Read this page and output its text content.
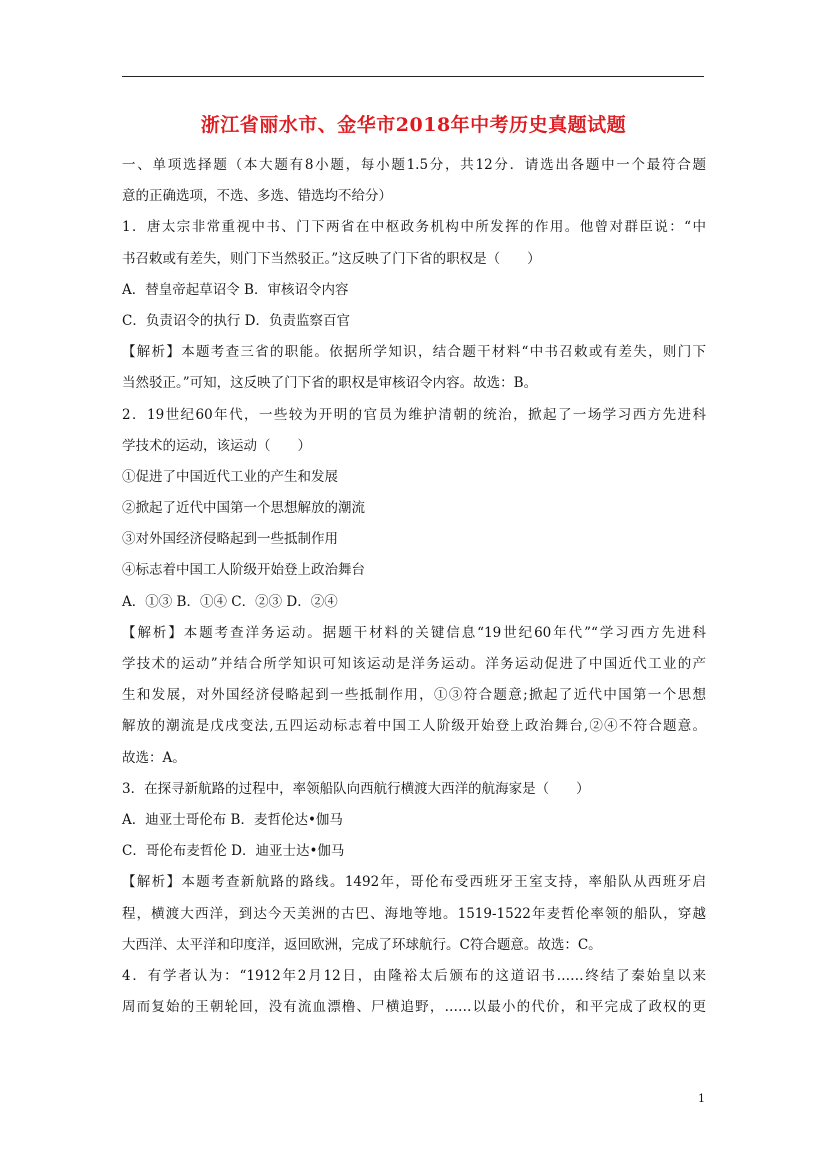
浙江省丽水市、金华市2018年中考历史真题试题
一、单项选择题（本大题有8小题，每小题1.5分，共12分．请选出各题中一个最符合题
意的正确选项，不选、多选、错选均不给分）
1．唐太宗非常重视中书、门下两省在中枢政务机构中所发挥的作用。他曾对群臣说：“中
书召敕或有差失，则门下当然驳正。”这反映了门下省的职权是（　　）
A．替皇帝起草诏令 B．审核诏令内容
C．负责诏令的执行 D．负责监察百官
【解析】本题考查三省的职能。依据所学知识，结合题干材料“中书召敕或有差失，则门下
当然驳正。”可知，这反映了门下省的职权是审核诏令内容。故选：B。
2．19世纪60年代，一些较为开明的官员为维护清朝的统治，掀起了一场学习西方先进科
学技术的运动，该运动（　　）
①促进了中国近代工业的产生和发展
②掀起了近代中国第一个思想解放的潮流
③对外国经济侵略起到一些抵制作用
④标志着中国工人阶级开始登上政治舞台
A．①③ B．①④ C．②③ D．②④
【解析】本题考查洋务运动。据题干材料的关键信息“19世纪60年代”“学习西方先进科
学技术的运动”并结合所学知识可知该运动是洋务运动。洋务运动促进了中国近代工业的产
生和发展，对外国经济侵略起到一些抵制作用，①③符合题意;掀起了近代中国第一个思想
解放的潮流是戊戌变法,五四运动标志着中国工人阶级开始登上政治舞台,②④不符合题意。
故选：A。
3．在探寻新航路的过程中，率领船队向西航行横渡大西洋的航海家是（　　）
A．迪亚士哥伦布 B．麦哲伦达•伽马
C．哥伦布麦哲伦 D．迪亚士达•伽马
【解析】本题考查新航路的路线。1492年，哥伦布受西班牙王室支持，率船队从西班牙启
程，横渡大西洋，到达今天美洲的古巴、海地等地。1519-1522年麦哲伦率领的船队，穿越
大西洋、太平洋和印度洋，返回欧洲，完成了环球航行。C符合题意。故选：C。
4．有学者认为：“1912年2月12日，由隆裕太后颁布的这道诏书……终结了秦始皇以来
周而复始的王朝轮回，没有流血漂橹、尸横追野，……以最小的代价，和平完成了政权的更
1
